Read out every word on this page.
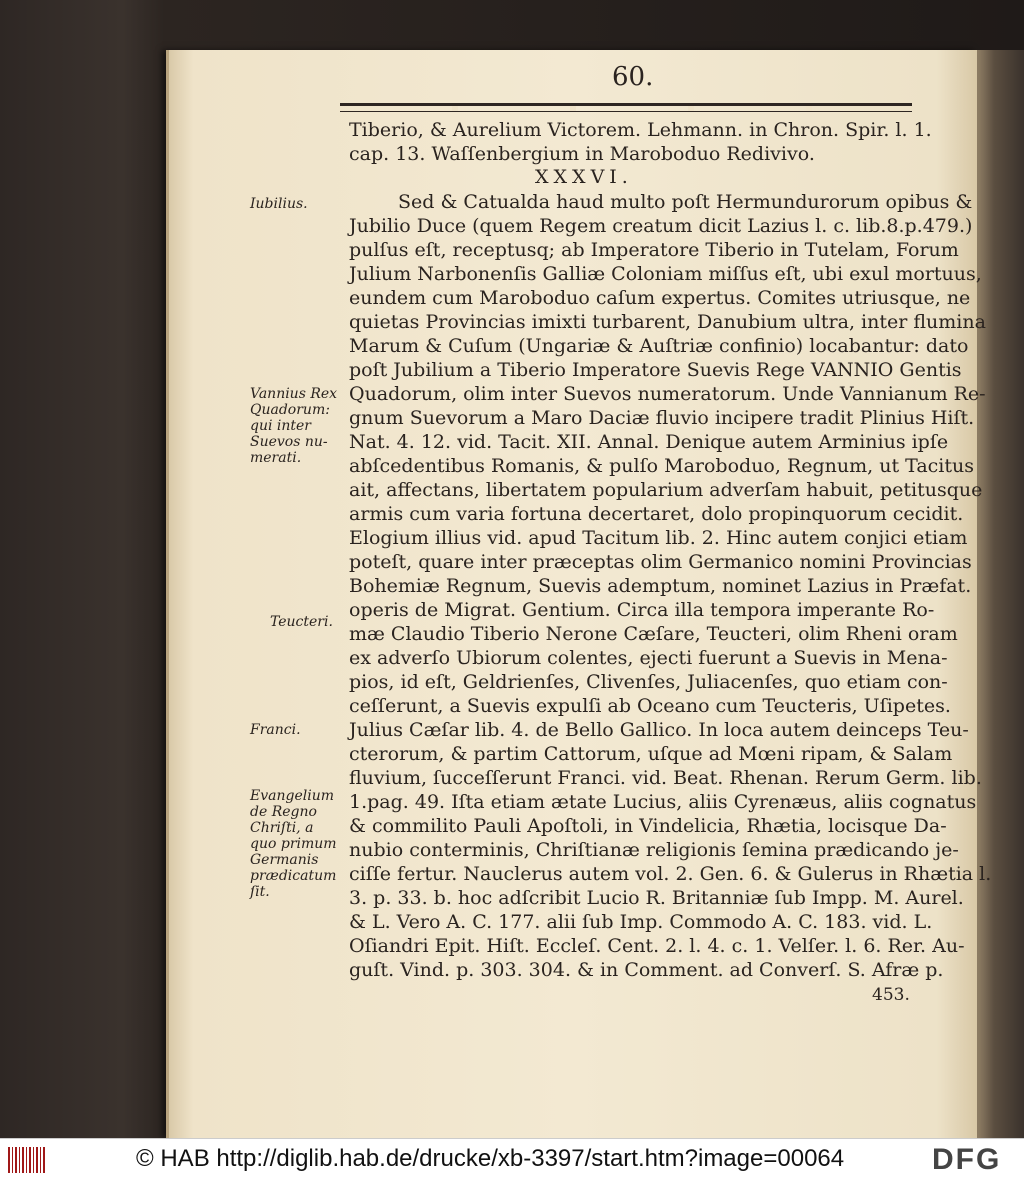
60.
Tiberio, & Aurelium Victorem. Lehmann. in Chron. Spir. l. 1.
cap. 13. Waſſenbergium in Maroboduo Redivivo.
Sed & Catualda haud multo poſt Hermundurorum opibus &
Jubilio Duce (quem Regem creatum dicit Lazius l. c. lib.8.p.479.)
pulſus eſt, receptusq; ab Imperatore Tiberio in Tutelam, Forum
Julium Narbonenſis Galliæ Coloniam miſſus eſt, ubi exul mortuus,
eundem cum Maroboduo caſum expertus. Comites utriusque, ne
quietas Provincias imixti turbarent, Danubium ultra, inter flumina
Marum & Cuſum (Ungariæ & Auſtriæ confinio) locabantur: dato
poſt Jubilium a Tiberio Imperatore Suevis Rege VANNIO Gentis
Quadorum, olim inter Suevos numeratorum. Unde Vannianum Re-
gnum Suevorum a Maro Daciæ fluvio incipere tradit Plinius Hiſt.
Nat. 4. 12. vid. Tacit. XII. Annal. Denique autem Arminius ipſe
abſcedentibus Romanis, & pulſo Maroboduo, Regnum, ut Tacitus
ait, affectans, libertatem popularium adverſam habuit, petitusque
armis cum varia fortuna decertaret, dolo propinquorum cecidit.
Elogium illius vid. apud Tacitum lib. 2. Hinc autem conjici etiam
poteſt, quare inter præceptas olim Germanico nomini Provincias
Bohemiæ Regnum, Suevis ademptum, nominet Lazius in Præfat.
operis de Migrat. Gentium. Circa illa tempora imperante Ro-
mæ Claudio Tiberio Nerone Cæſare, Teucteri, olim Rheni oram
ex adverſo Ubiorum colentes, ejecti fuerunt a Suevis in Mena-
pios, id eſt, Geldrienſes, Clivenſes, Juliacenſes, quo etiam con-
ceſſerunt, a Suevis expulſi ab Oceano cum Teucteris, Uſipetes.
Julius Cæſar lib. 4. de Bello Gallico. In loca autem deinceps Teu-
cterorum, & partim Cattorum, uſque ad Mœni ripam, & Salam
fluvium, ſucceſſerunt Franci. vid. Beat. Rhenan. Rerum Germ. lib.
1.pag. 49. Iſta etiam ætate Lucius, aliis Cyrenæus, aliis cognatus
& commilito Pauli Apoſtoli, in Vindelicia, Rhætia, locisque Da-
nubio conterminis, Chriſtianæ religionis ſemina prædicando je-
ciſſe fertur. Nauclerus autem vol. 2. Gen. 6. & Gulerus in Rhætia l.
3. p. 33. b. hoc adſcribit Lucio R. Britanniæ ſub Impp. M. Aurel.
& L. Vero A. C. 177. alii ſub Imp. Commodo A. C. 183. vid. L.
Oſiandri Epit. Hiſt. Eccleſ. Cent. 2. l. 4. c. 1. Velſer. l. 6. Rer. Au-
guſt. Vind. p. 303. 304. & in Comment. ad Converſ. S. Afræ p.
XXXVI.
Iubilius.
Vannius Rex
Quadorum:
qui inter
Suevos nu-
merati.
Teucteri.
Franci.
Evangelium
de Regno
Chriſti, a
quo primum
Germanis
prædicatum
ſit.
453.
© HAB http://diglib.hab.de/drucke/xb-3397/start.htm?image=00064	DFG
